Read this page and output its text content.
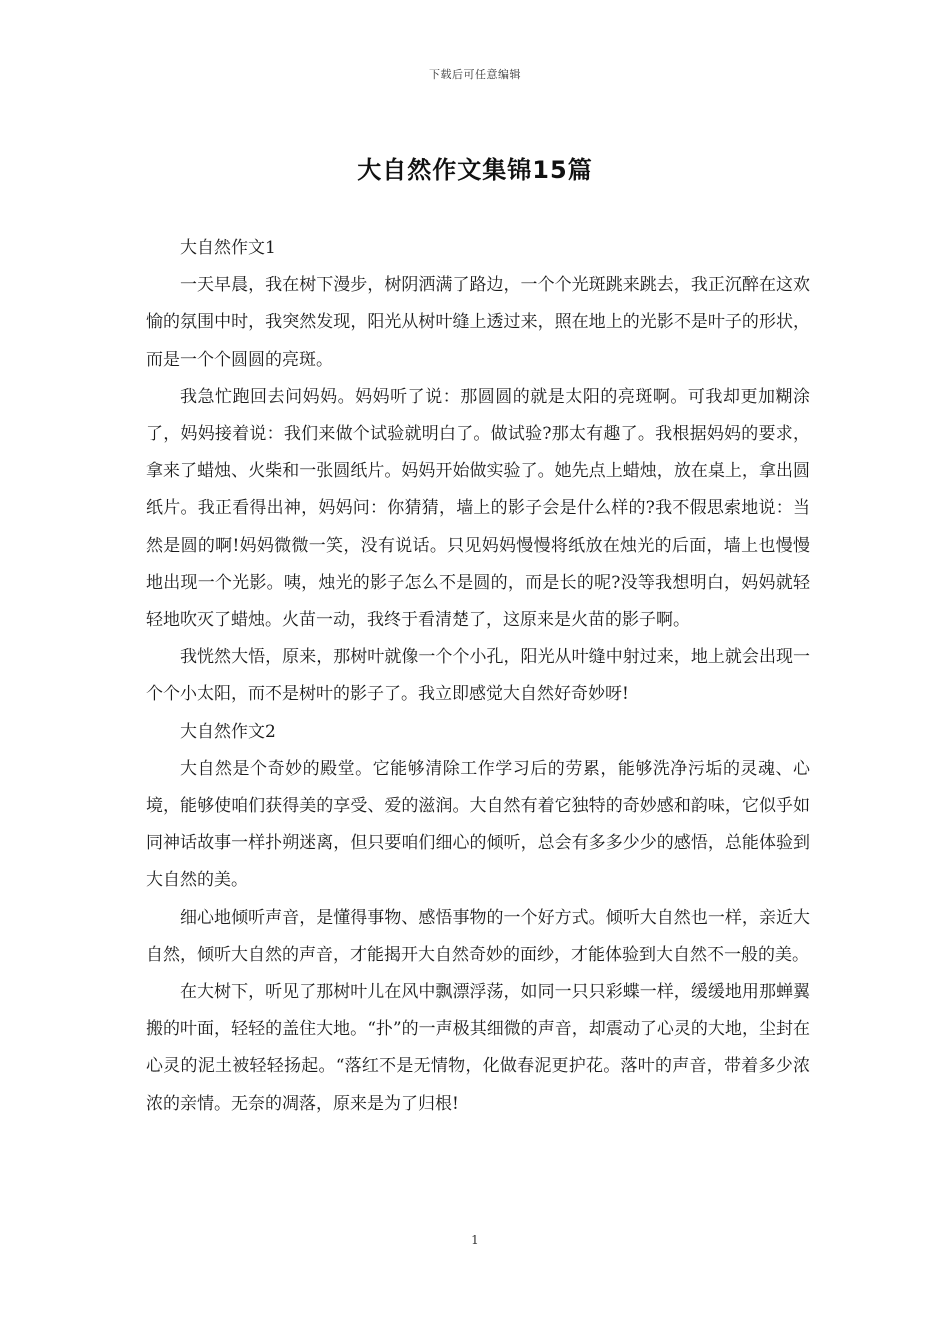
下载后可任意编辑
大自然作文集锦15篇

大自然作文1

一天早晨，我在树下漫步，树阴洒满了路边，一个个光斑跳来跳去，我正沉醉在这欢愉的氛围中时，我突然发现，阳光从树叶缝上透过来，照在地上的光影不是叶子的形状，而是一个个圆圆的亮斑。

我急忙跑回去问妈妈。妈妈听了说：那圆圆的就是太阳的亮斑啊。可我却更加糊涂了，妈妈接着说：我们来做个试验就明白了。做试验?那太有趣了。我根据妈妈的要求，拿来了蜡烛、火柴和一张圆纸片。妈妈开始做实验了。她先点上蜡烛，放在桌上，拿出圆纸片。我正看得出神，妈妈问：你猜猜，墙上的影子会是什么样的?我不假思索地说：当然是圆的啊!妈妈微微一笑，没有说话。只见妈妈慢慢将纸放在烛光的后面，墙上也慢慢地出现一个光影。咦，烛光的影子怎么不是圆的，而是长的呢?没等我想明白，妈妈就轻轻地吹灭了蜡烛。火苗一动，我终于看清楚了，这原来是火苗的影子啊。

我恍然大悟，原来，那树叶就像一个个小孔，阳光从叶缝中射过来，地上就会出现一个个小太阳，而不是树叶的影子了。我立即感觉大自然好奇妙呀!

大自然作文2

大自然是个奇妙的殿堂。它能够清除工作学习后的劳累，能够洗净污垢的灵魂、心境，能够使咱们获得美的享受、爱的滋润。大自然有着它独特的奇妙感和韵味，它似乎如同神话故事一样扑朔迷离，但只要咱们细心的倾听，总会有多多少少的感悟，总能体验到大自然的美。

细心地倾听声音，是懂得事物、感悟事物的一个好方式。倾听大自然也一样，亲近大自然，倾听大自然的声音，才能揭开大自然奇妙的面纱，才能体验到大自然不一般的美。

在大树下，听见了那树叶儿在风中飘漂浮荡，如同一只只彩蝶一样，缓缓地用那蝉翼搬的叶面，轻轻的盖住大地。“扑”的一声极其细微的声音，却震动了心灵的大地，尘封在心灵的泥土被轻轻扬起。“落红不是无情物，化做春泥更护花。落叶的声音，带着多少浓浓的亲情。无奈的凋落，原来是为了归根!

1
